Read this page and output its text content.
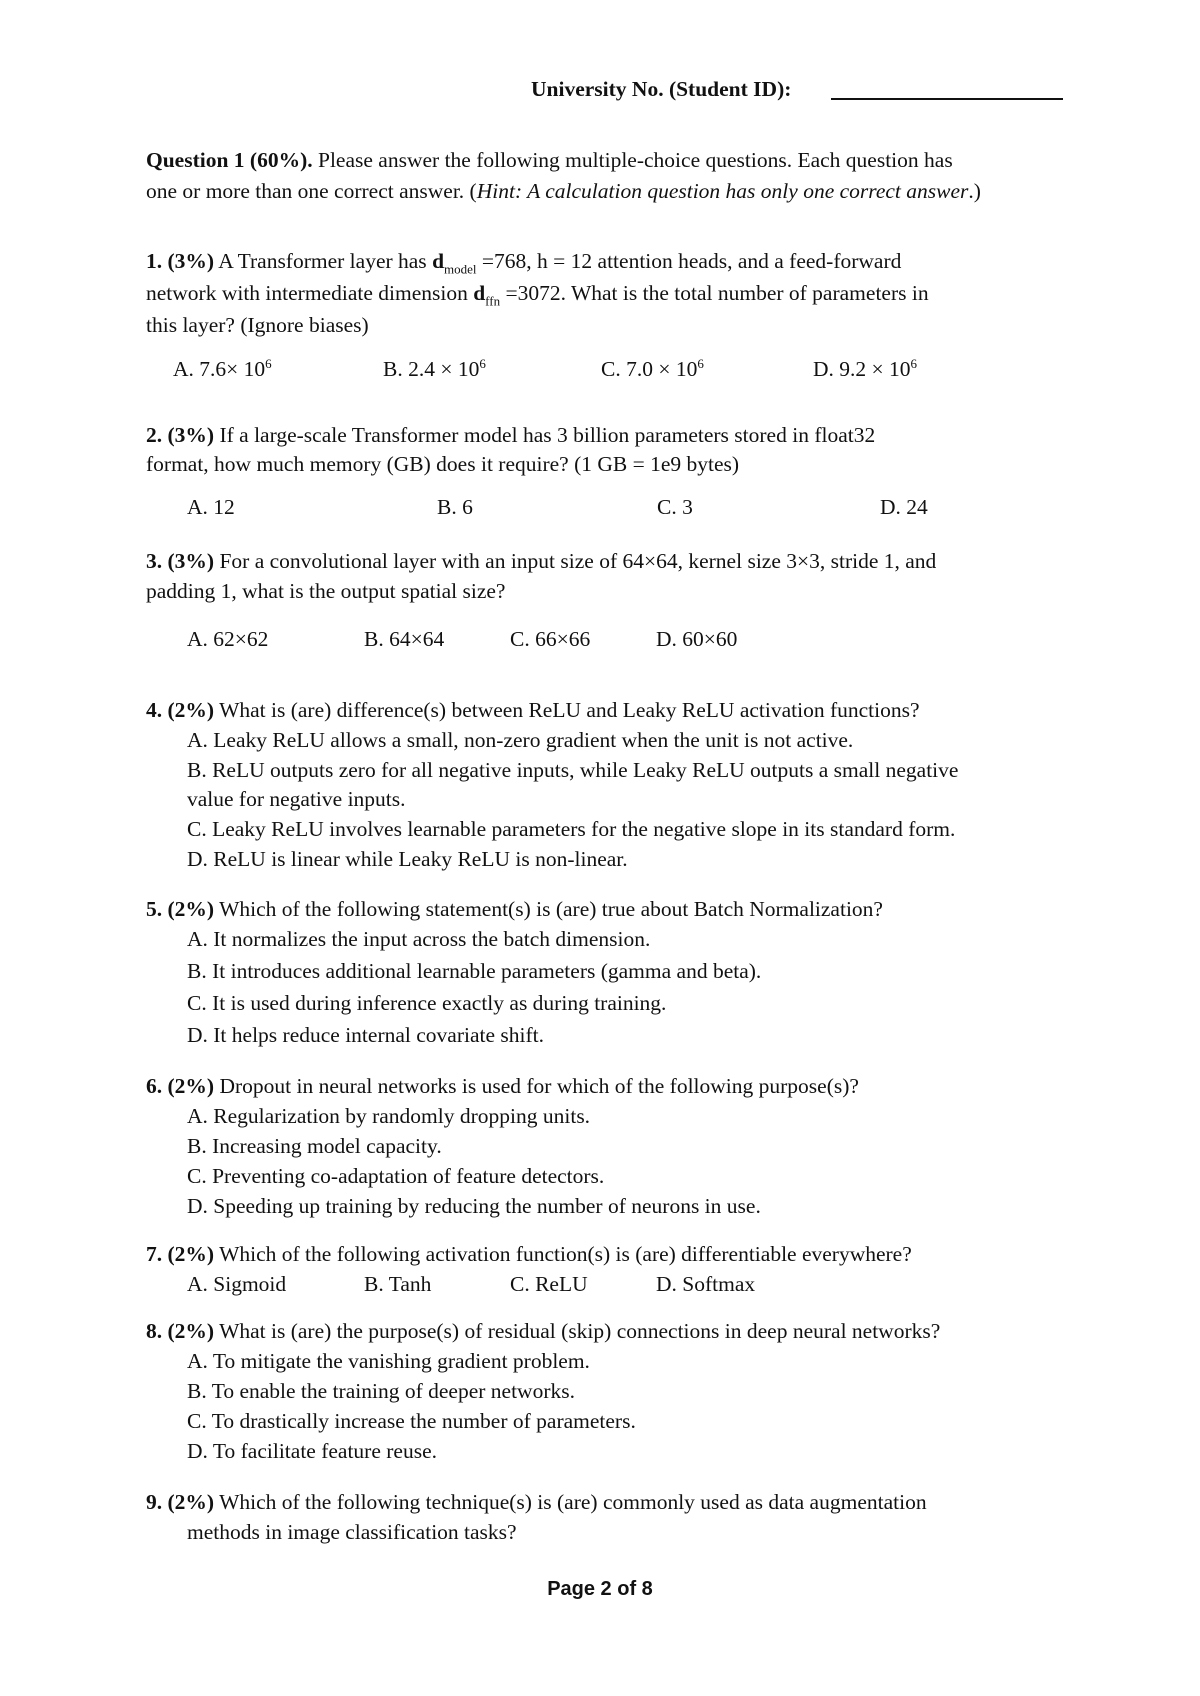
University No. (Student ID):
Question 1 (60%). Please answer the following multiple-choice questions. Each question has
one or more than one correct answer. (Hint: A calculation question has only one correct answer.)
1. (3%) A Transformer layer has $d_{model} =768$, h = 12 attention heads, and a feed-forward
network with intermediate dimension $d_{ffn} =3072$. What is the total number of parameters in
this layer? (Ignore biases)
A. $7.6\times 10^6$	B. $2.4 \times 10^6$	C. $7.0 \times 10^6$	D. $9.2 \times 10^6$
2. (3%) If a large-scale Transformer model has 3 billion parameters stored in float32
format, how much memory (GB) does it require? (1 GB = 1e9 bytes)
A. 12	B. 6	C. 3	D. 24
3. (3%) For a convolutional layer with an input size of 64×64, kernel size 3×3, stride 1, and
padding 1, what is the output spatial size?
A. 62×62	B. 64×64	C. 66×66	D. 60×60
4. (2%) What is (are) difference(s) between ReLU and Leaky ReLU activation functions?
A. Leaky ReLU allows a small, non-zero gradient when the unit is not active.
B. ReLU outputs zero for all negative inputs, while Leaky ReLU outputs a small negative
value for negative inputs.
C. Leaky ReLU involves learnable parameters for the negative slope in its standard form.
D. ReLU is linear while Leaky ReLU is non-linear.
5. (2%) Which of the following statement(s) is (are) true about Batch Normalization?
A. It normalizes the input across the batch dimension.
B. It introduces additional learnable parameters (gamma and beta).
C. It is used during inference exactly as during training.
D. It helps reduce internal covariate shift.
6. (2%) Dropout in neural networks is used for which of the following purpose(s)?
A. Regularization by randomly dropping units.
B. Increasing model capacity.
C. Preventing co-adaptation of feature detectors.
D. Speeding up training by reducing the number of neurons in use.
7. (2%) Which of the following activation function(s) is (are) differentiable everywhere?
A. Sigmoid	B. Tanh	C. ReLU	D. Softmax
8. (2%) What is (are) the purpose(s) of residual (skip) connections in deep neural networks?
A. To mitigate the vanishing gradient problem.
B. To enable the training of deeper networks.
C. To drastically increase the number of parameters.
D. To facilitate feature reuse.
9. (2%) Which of the following technique(s) is (are) commonly used as data augmentation
methods in image classification tasks?
Page 2 of 8
